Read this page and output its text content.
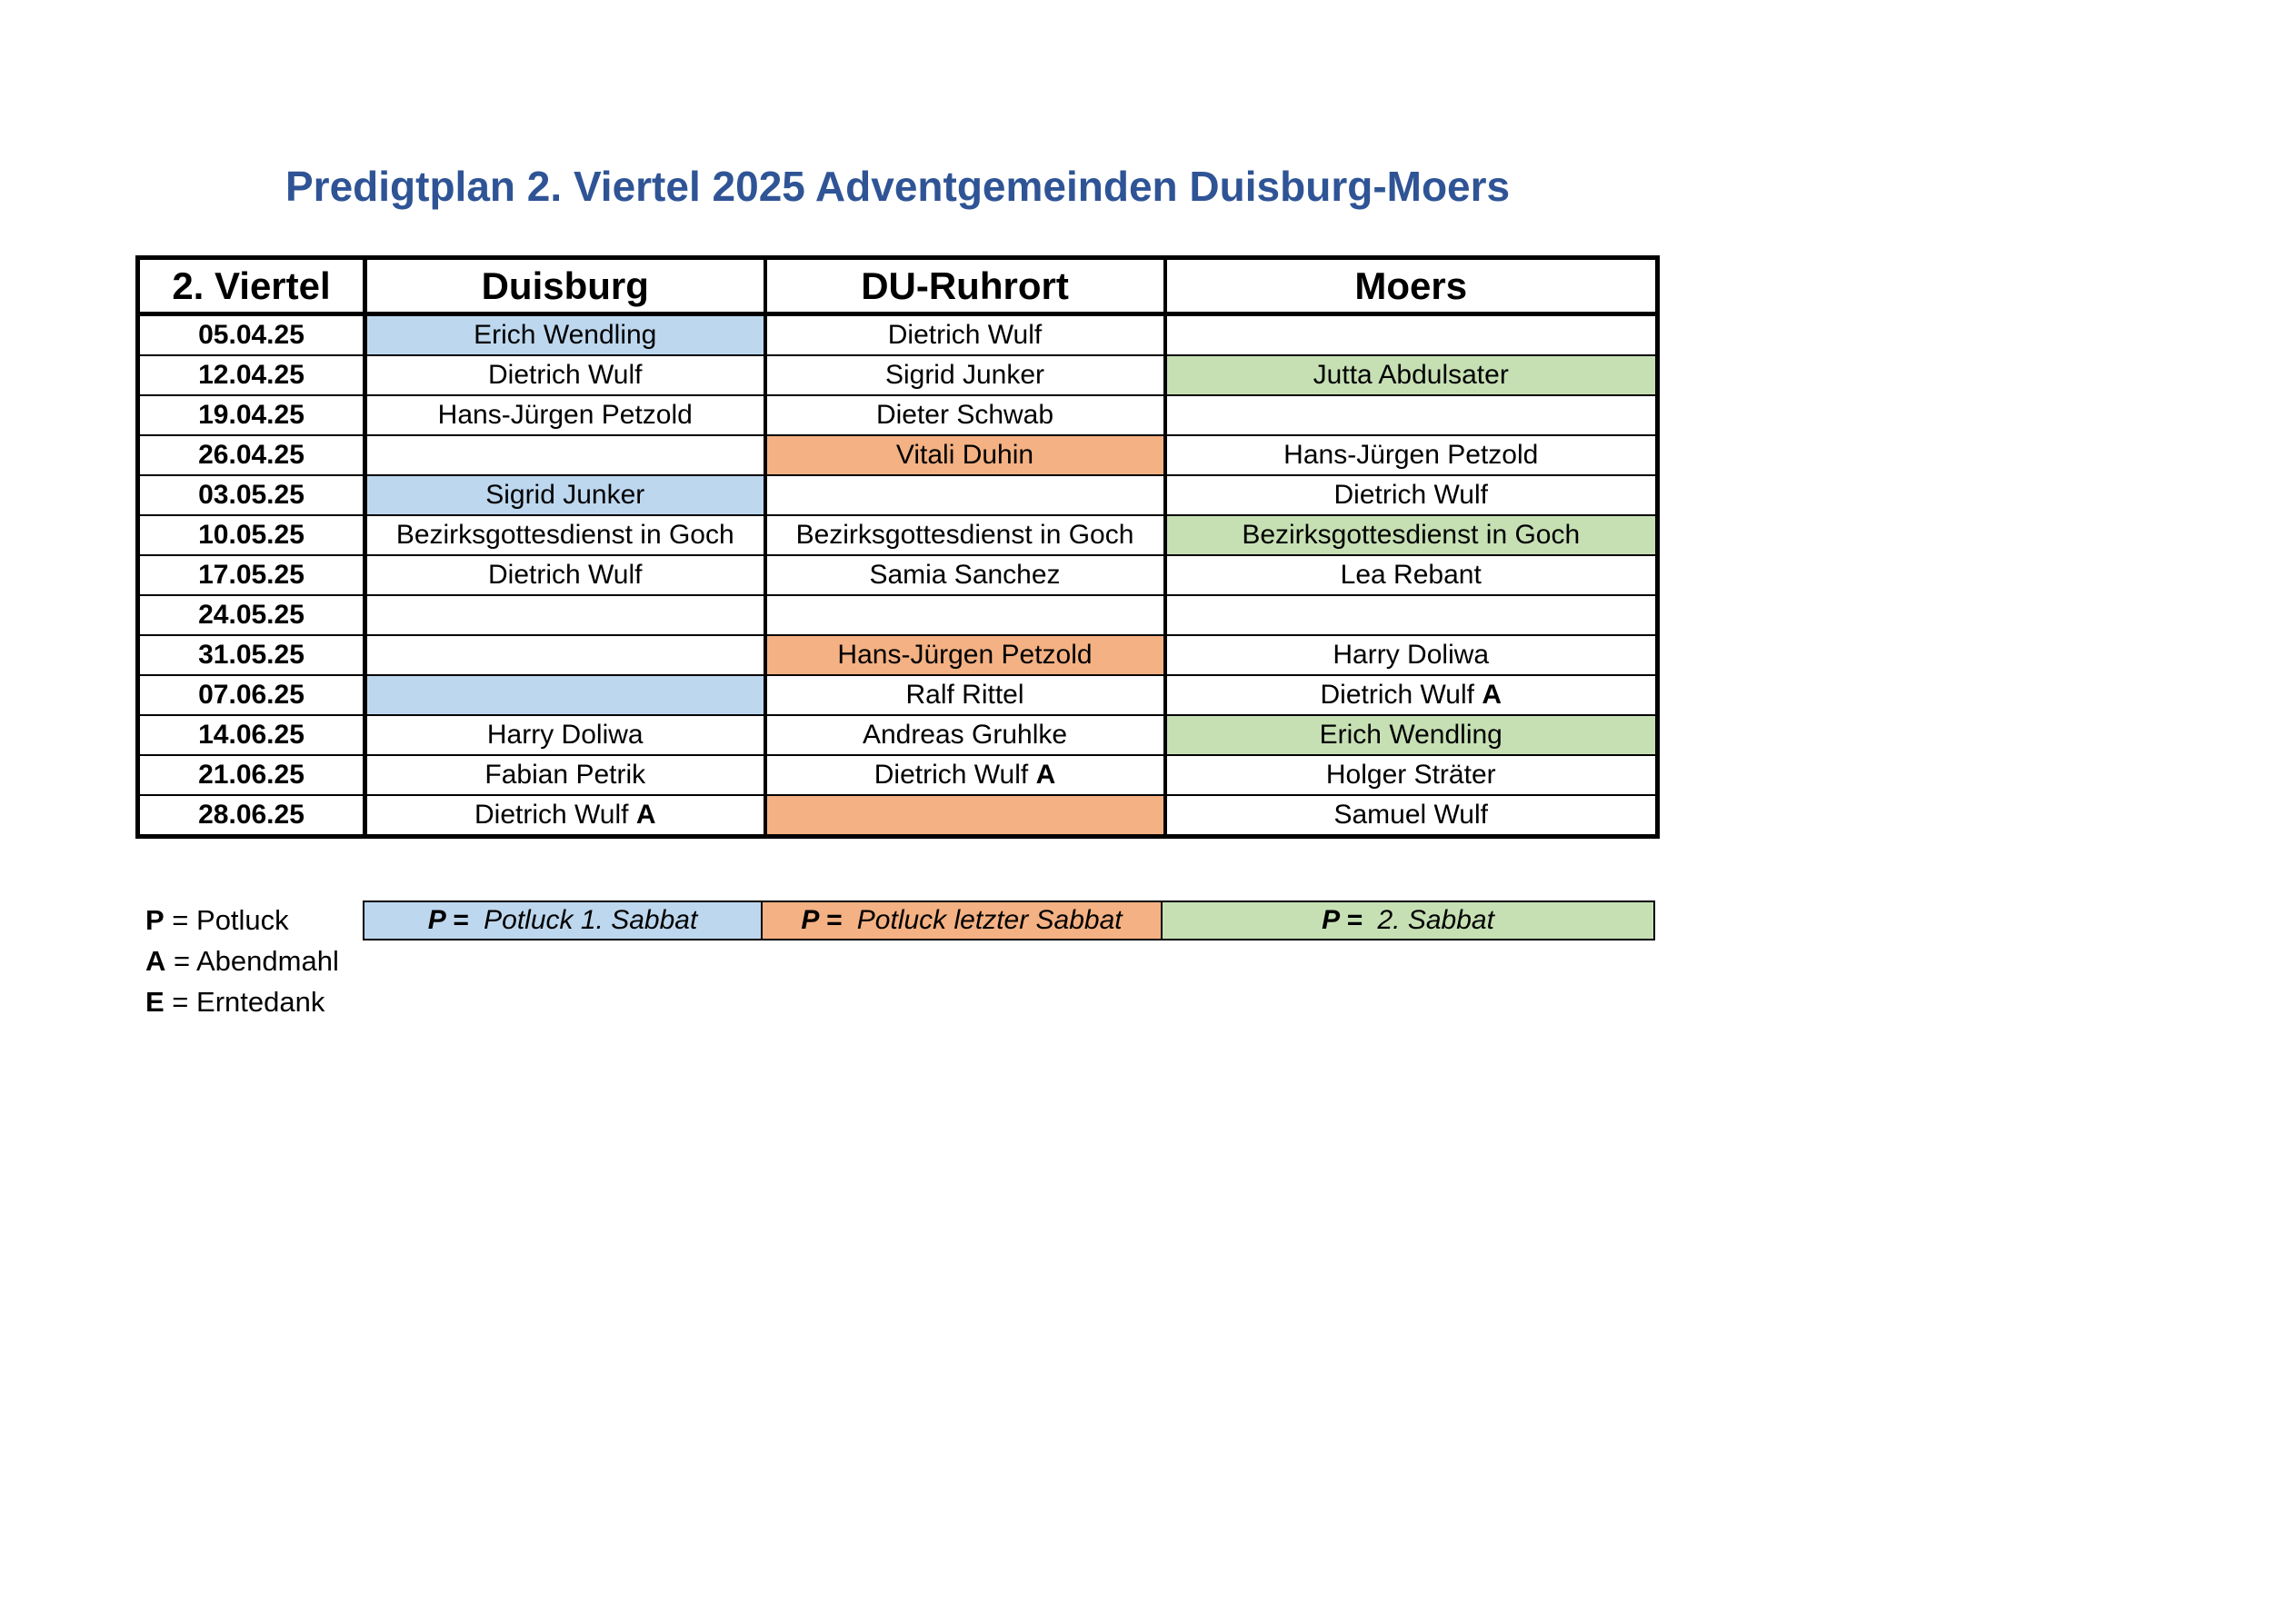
Predigtplan 2. Viertel 2025 Adventgemeinden Duisburg-Moers
2. Viertel	Duisburg	DU-Ruhrort	Moers
05.04.25	Erich Wendling	Dietrich Wulf	
12.04.25	Dietrich Wulf	Sigrid Junker	Jutta Abdulsater
19.04.25	Hans-Jürgen Petzold	Dieter Schwab	
26.04.25		Vitali Duhin	Hans-Jürgen Petzold
03.05.25	Sigrid Junker		Dietrich Wulf
10.05.25	Bezirksgottesdienst in Goch	Bezirksgottesdienst in Goch	Bezirksgottesdienst in Goch
17.05.25	Dietrich Wulf	Samia Sanchez	Lea Rebant
24.05.25			
31.05.25		Hans-Jürgen Petzold	Harry Doliwa
07.06.25		Ralf Rittel	Dietrich Wulf A
14.06.25	Harry Doliwa	Andreas Gruhlke	Erich Wendling
21.06.25	Fabian Petrik	Dietrich Wulf A	Holger Sträter
28.06.25	Dietrich Wulf A		Samuel Wulf
P = Potluck
A = Abendmahl
E = Erntedank
P = Potluck 1. Sabbat	P = Potluck letzter Sabbat	P = 2. Sabbat
